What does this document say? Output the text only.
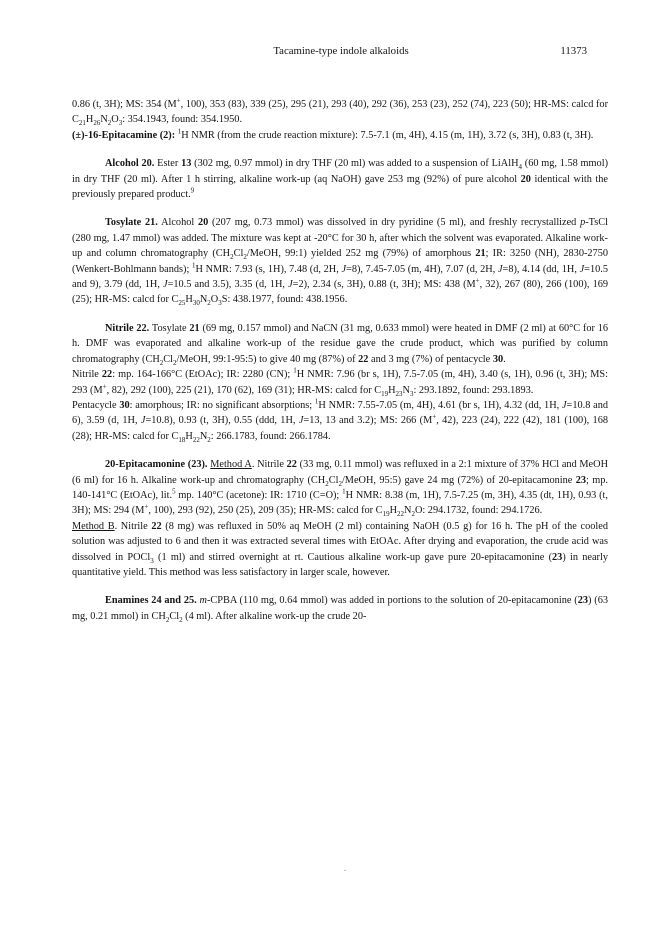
Tacamine-type indole alkaloids	11373

0.86 (t, 3H); MS: 354 (M+, 100), 353 (83), 339 (25), 295 (21), 293 (40), 292 (36), 253 (23), 252 (74), 223 (50); HR-MS: calcd for $C_{21}H_{26}N_2O_3$: 354.1943, found: 354.1950.

(±)-16-Epitacamine (2): $^1$H NMR (from the crude reaction mixture): 7.5-7.1 (m, 4H), 4.15 (m, 1H), 3.72 (s, 3H), 0.83 (t, 3H).

Alcohol 20. Ester 13 (302 mg, 0.97 mmol) in dry THF (20 ml) was added to a suspension of LiAlH$_4$ (60 mg, 1.58 mmol) in dry THF (20 ml). After 1 h stirring, alkaline work-up (aq NaOH) gave 253 mg (92%) of pure alcohol 20 identical with the previously prepared product.$^9$

Tosylate 21. Alcohol 20 (207 mg, 0.73 mmol) was dissolved in dry pyridine (5 ml), and freshly recrystallized p-TsCl (280 mg, 1.47 mmol) was added. The mixture was kept at -20°C for 30 h, after which the solvent was evaporated. Alkaline work-up and column chromatography ($CH_2Cl_2$/MeOH, 99:1) yielded 252 mg (79%) of amorphous 21; IR: 3250 (NH), 2830-2750 (Wenkert-Bohlmann bands); $^1$H NMR: 7.93 (s, 1H), 7.48 (d, 2H, J=8), 7.45-7.05 (m, 4H), 7.07 (d, 2H, J=8), 4.14 (dd, 1H, J=10.5 and 9), 3.79 (dd, 1H, J=10.5 and 3.5), 3.35 (d, 1H, J=2), 2.34 (s, 3H), 0.88 (t, 3H); MS: 438 (M+, 32), 267 (80), 266 (100), 169 (25); HR-MS: calcd for $C_{25}H_{30}N_2O_3S$: 438.1977, found: 438.1956.

Nitrile 22. Tosylate 21 (69 mg, 0.157 mmol) and NaCN (31 mg, 0.633 mmol) were heated in DMF (2 ml) at 60°C for 16 h. DMF was evaporated and alkaline work-up of the residue gave the crude product, which was purified by column chromatography ($CH_2Cl_2$/MeOH, 99:1-95:5) to give 40 mg (87%) of 22 and 3 mg (7%) of pentacycle 30.

Nitrile 22: mp. 164-166°C (EtOAc); IR: 2280 (CN); $^1$H NMR: 7.96 (br s, 1H), 7.5-7.05 (m, 4H), 3.40 (s, 1H), 0.96 (t, 3H); MS: 293 (M+, 82), 292 (100), 225 (21), 170 (62), 169 (31); HR-MS: calcd for $C_{19}H_{23}N_3$: 293.1892, found: 293.1893.

Pentacycle 30: amorphous; IR: no significant absorptions; $^1$H NMR: 7.55-7.05 (m, 4H), 4.61 (br s, 1H), 4.32 (dd, 1H, J=10.8 and 6), 3.59 (d, 1H, J=10.8), 0.93 (t, 3H), 0.55 (ddd, 1H, J=13, 13 and 3.2); MS: 266 (M+, 42), 223 (24), 222 (42), 181 (100), 168 (28); HR-MS: calcd for $C_{18}H_{22}N_2$: 266.1783, found: 266.1784.

20-Epitacamonine (23). Method A. Nitrile 22 (33 mg, 0.11 mmol) was refluxed in a 2:1 mixture of 37% HCl and MeOH (6 ml) for 16 h. Alkaline work-up and chromatography ($CH_2Cl_2$/MeOH, 95:5) gave 24 mg (72%) of 20-epitacamonine 23; mp. 140-141°C (EtOAc), lit.$^5$ mp. 140°C (acetone): IR: 1710 (C=O); $^1$H NMR: 8.38 (m, 1H), 7.5-7.25 (m, 3H), 4.35 (dt, 1H), 0.93 (t, 3H); MS: 294 (M+, 100), 293 (92), 250 (25), 209 (35); HR-MS: calcd for $C_{19}H_{22}N_2O$: 294.1732, found: 294.1726.

Method B. Nitrile 22 (8 mg) was refluxed in 50% aq MeOH (2 ml) containing NaOH (0.5 g) for 16 h. The pH of the cooled solution was adjusted to 6 and then it was extracted several times with EtOAc. After drying and evaporation, the crude acid was dissolved in POCl$_3$ (1 ml) and stirred overnight at rt. Cautious alkaline work-up gave pure 20-epitacamonine (23) in nearly quantitative yield. This method was less satisfactory in larger scale, however.

Enamines 24 and 25. m-CPBA (110 mg, 0.64 mmol) was added in portions to the solution of 20-epitacamonine (23) (63 mg, 0.21 mmol) in $CH_2Cl_2$ (4 ml). After alkaline work-up the crude 20-
